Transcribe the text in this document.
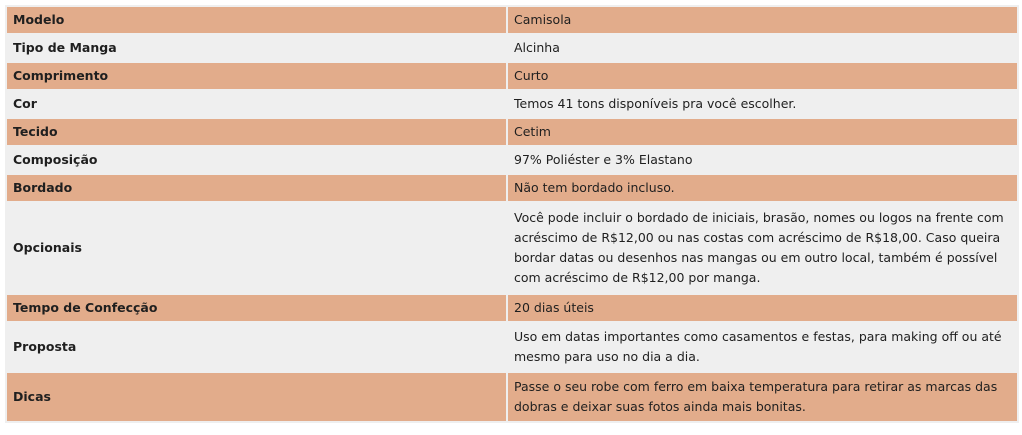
Modelo	Camisola
Tipo de Manga	Alcinha
Comprimento	Curto
Cor	Temos 41 tons disponíveis pra você escolher.
Tecido	Cetim
Composição	97% Poliéster e 3% Elastano
Bordado	Não tem bordado incluso.
Opcionais	Você pode incluir o bordado de iniciais, brasão, nomes ou logos na frente com acréscimo de R$12,00 ou nas costas com acréscimo de R$18,00. Caso queira bordar datas ou desenhos nas mangas ou em outro local, também é possível com acréscimo de R$12,00 por manga.
Tempo de Confecção	20 dias úteis
Proposta	Uso em datas importantes como casamentos e festas, para making off ou até mesmo para uso no dia a dia.
Dicas	Passe o seu robe com ferro em baixa temperatura para retirar as marcas das dobras e deixar suas fotos ainda mais bonitas.
